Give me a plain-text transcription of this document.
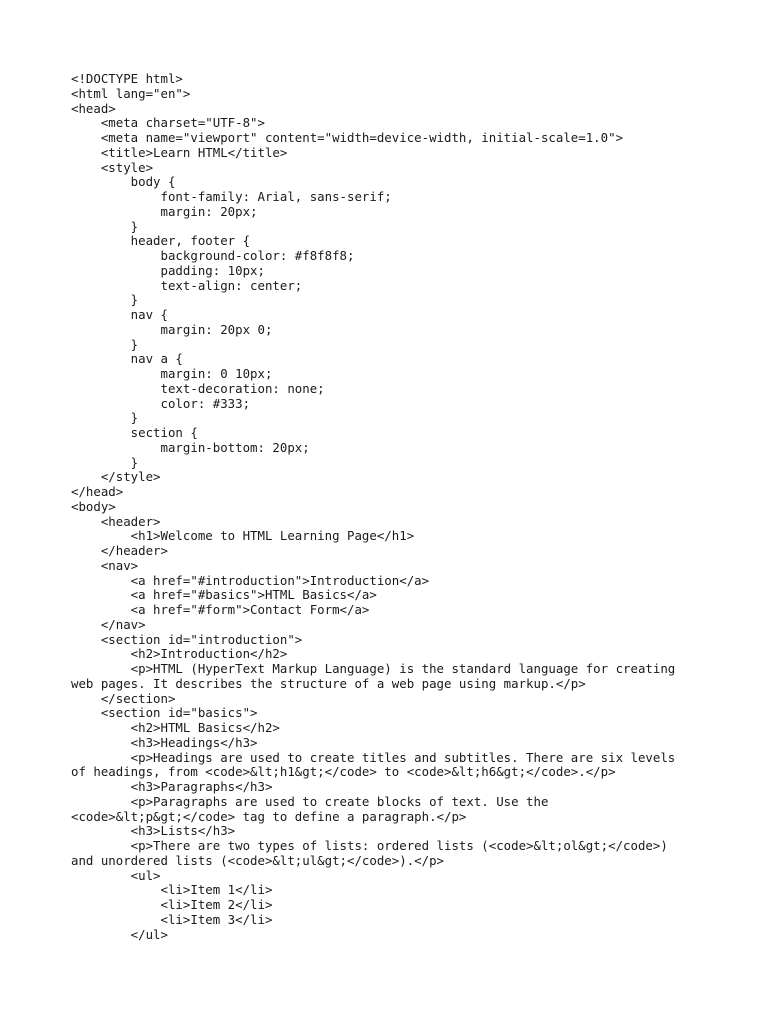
<!DOCTYPE html>
<html lang="en">
<head>
<meta charset="UTF-8">
<meta name="viewport" content="width=device-width, initial-scale=1.0">
<title>Learn HTML</title>
<style>
body {
font-family: Arial, sans-serif;
margin: 20px;
}
header, footer {
background-color: #f8f8f8;
padding: 10px;
text-align: center;
}
nav {
margin: 20px 0;
}
nav a {
margin: 0 10px;
text-decoration: none;
color: #333;
}
section {
margin-bottom: 20px;
}
</style>
</head>
<body>
<header>
<h1>Welcome to HTML Learning Page</h1>
</header>
<nav>
<a href="#introduction">Introduction</a>
<a href="#basics">HTML Basics</a>
<a href="#form">Contact Form</a>
</nav>
<section id="introduction">
<h2>Introduction</h2>
<p>HTML (HyperText Markup Language) is the standard language for creating
web pages. It describes the structure of a web page using markup.</p>
</section>
<section id="basics">
<h2>HTML Basics</h2>
<h3>Headings</h3>
<p>Headings are used to create titles and subtitles. There are six levels
of headings, from <code>&lt;h1&gt;</code> to <code>&lt;h6&gt;</code>.</p>
<h3>Paragraphs</h3>
<p>Paragraphs are used to create blocks of text. Use the
<code>&lt;p&gt;</code> tag to define a paragraph.</p>
<h3>Lists</h3>
<p>There are two types of lists: ordered lists (<code>&lt;ol&gt;</code>)
and unordered lists (<code>&lt;ul&gt;</code>).</p>
<ul>
<li>Item 1</li>
<li>Item 2</li>
<li>Item 3</li>
</ul>
